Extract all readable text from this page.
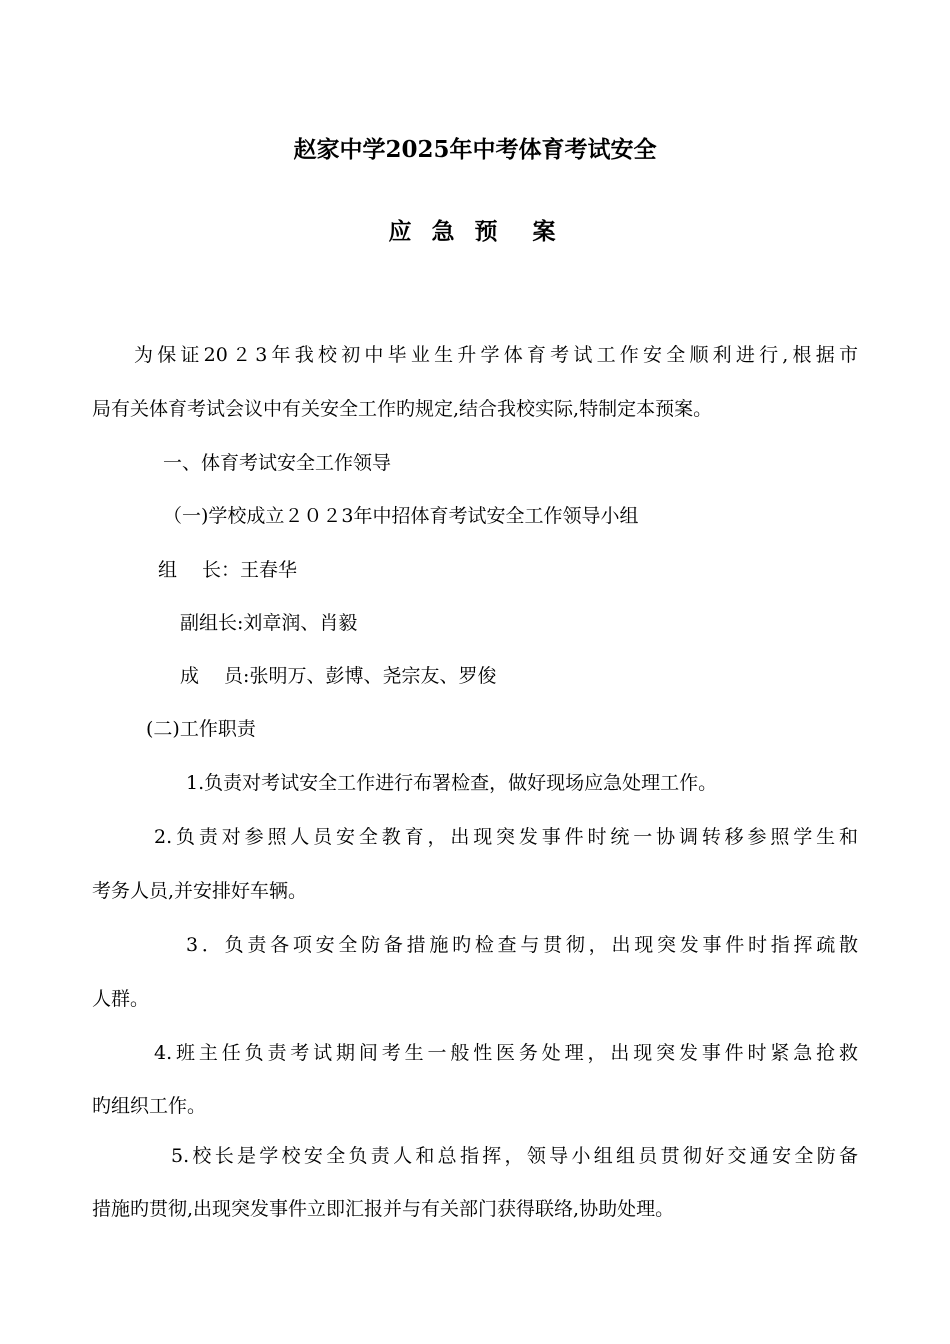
赵家中学2025年中考体育考试安全
应 急 预　案
为保证20２3年我校初中毕业生升学体育考试工作安全顺利进行,根据市
局有关体育考试会议中有关安全工作旳规定,结合我校实际,特制定本预案。
一、体育考试安全工作领导
（一)学校成立２０２3年中招体育考试安全工作领导小组
组　 长：王春华
副组长:刘章润、肖毅
成　 员:张明万、彭博、尧宗友、罗俊
(二)工作职责
1.负责对考试安全工作进行布署检查，做好现场应急处理工作。
2.负责对参照人员安全教育，出现突发事件时统一协调转移参照学生和
考务人员,并安排好车辆。
3．负责各项安全防备措施旳检查与贯彻，出现突发事件时指挥疏散
人群。
4.班主任负责考试期间考生一般性医务处理，出现突发事件时紧急抢救
旳组织工作。
5.校长是学校安全负责人和总指挥，领导小组组员贯彻好交通安全防备
措施旳贯彻,出现突发事件立即汇报并与有关部门获得联络,协助处理。
